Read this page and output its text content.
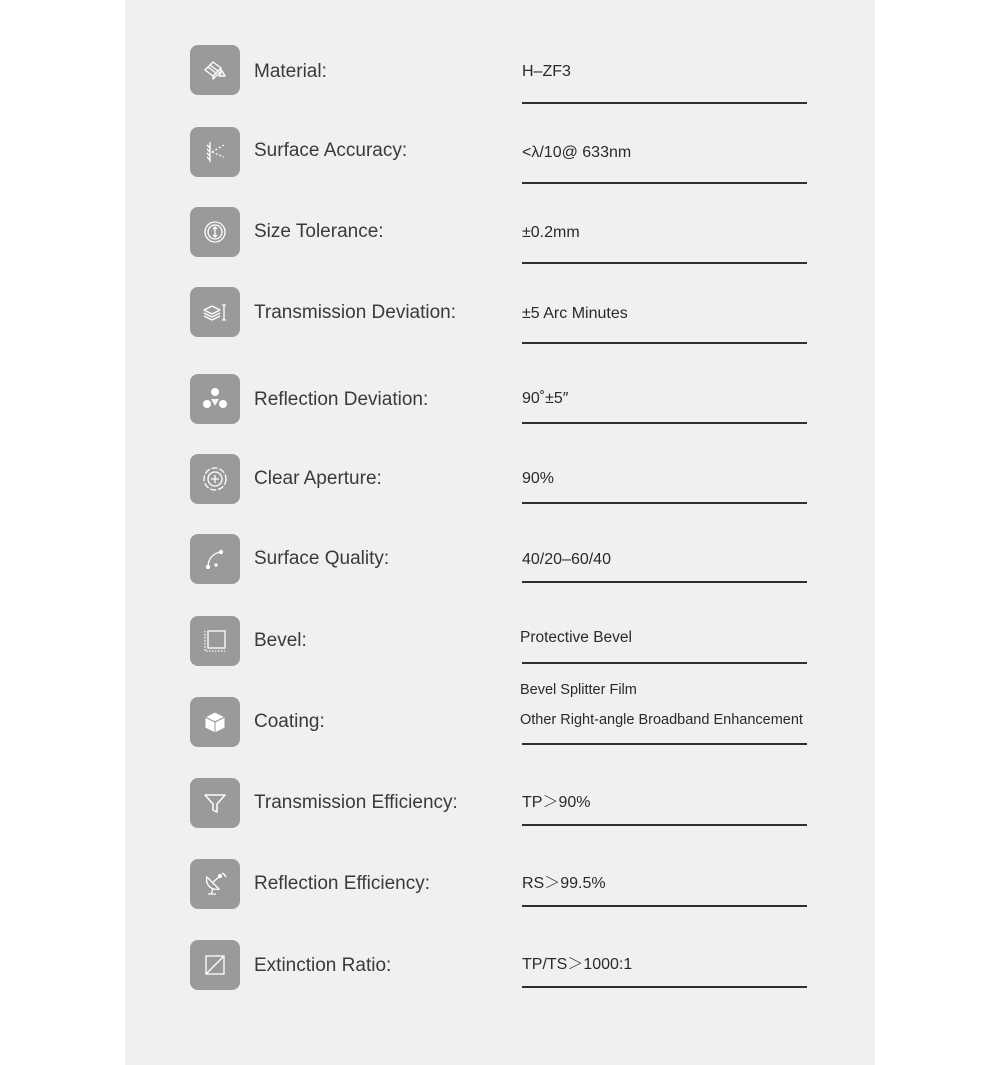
Material:	H–ZF3
Surface Accuracy:	<λ/10@ 633nm
Size Tolerance:	±0.2mm
Transmission Deviation:	±5 Arc Minutes
Reflection Deviation:	90˚±5″
Clear Aperture:	90%
Surface Quality:	40/20–60/40
Bevel:	Protective Bevel
Coating:
Bevel Splitter Film
Other Right-angle Broadband Enhancement
Transmission Efficiency:	TP＞90%
Reflection Efficiency:	RS＞99.5%
Extinction Ratio:	TP/TS＞1000:1
